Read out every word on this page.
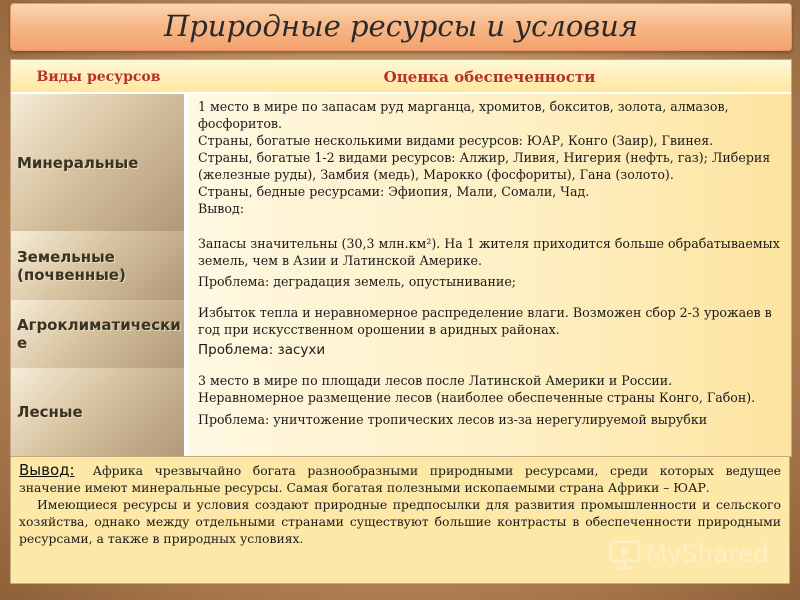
Природные ресурсы и условия
Виды ресурсов	Оценка обеспеченности
Минеральные

1 место в мире по запасам руд марганца, хромитов, бокситов, золота, алмазов, фосфоритов.

Страны, богатые несколькими видами ресурсов: ЮАР, Конго (Заир), Гвинея.

Страны, богатые 1-2 видами ресурсов: Алжир, Ливия, Нигерия (нефть, газ); Либерия (железные руды), Замбия (медь), Марокко (фосфориты), Гана (золото).

Страны, бедные ресурсами: Эфиопия, Мали, Сомали, Чад.

Вывод:

Земельные (почвенные)

Запасы значительны (30,3 млн.км²). На 1 жителя приходится больше обрабатываемых земель, чем в Азии и Латинской Америке.

Проблема: деградация земель, опустынивание;

Агроклиматически е

Избыток тепла и неравномерное распределение влаги. Возможен сбор 2-3 урожаев в год при искусственном орошении в аридных районах.

Проблема: засухи

Лесные

3 место в мире по площади лесов после Латинской Америки и России. Неравномерное размещение лесов (наиболее обеспеченные страны Конго, Габон).

Проблема: уничтожение тропических лесов из-за нерегулируемой вырубки

Вывод: Африка чрезвычайно богата разнообразными природными ресурсами, среди которых ведущее значение имеют минеральные ресурсы. Самая богатая полезными ископаемыми страна Африки – ЮАР.

Имеющиеся ресурсы и условия создают природные предпосылки для развития промышленности и сельского хозяйства, однако между отдельными странами существуют большие контрасты в обеспеченности природными ресурсами, а также в природных условиях.

MyShared
